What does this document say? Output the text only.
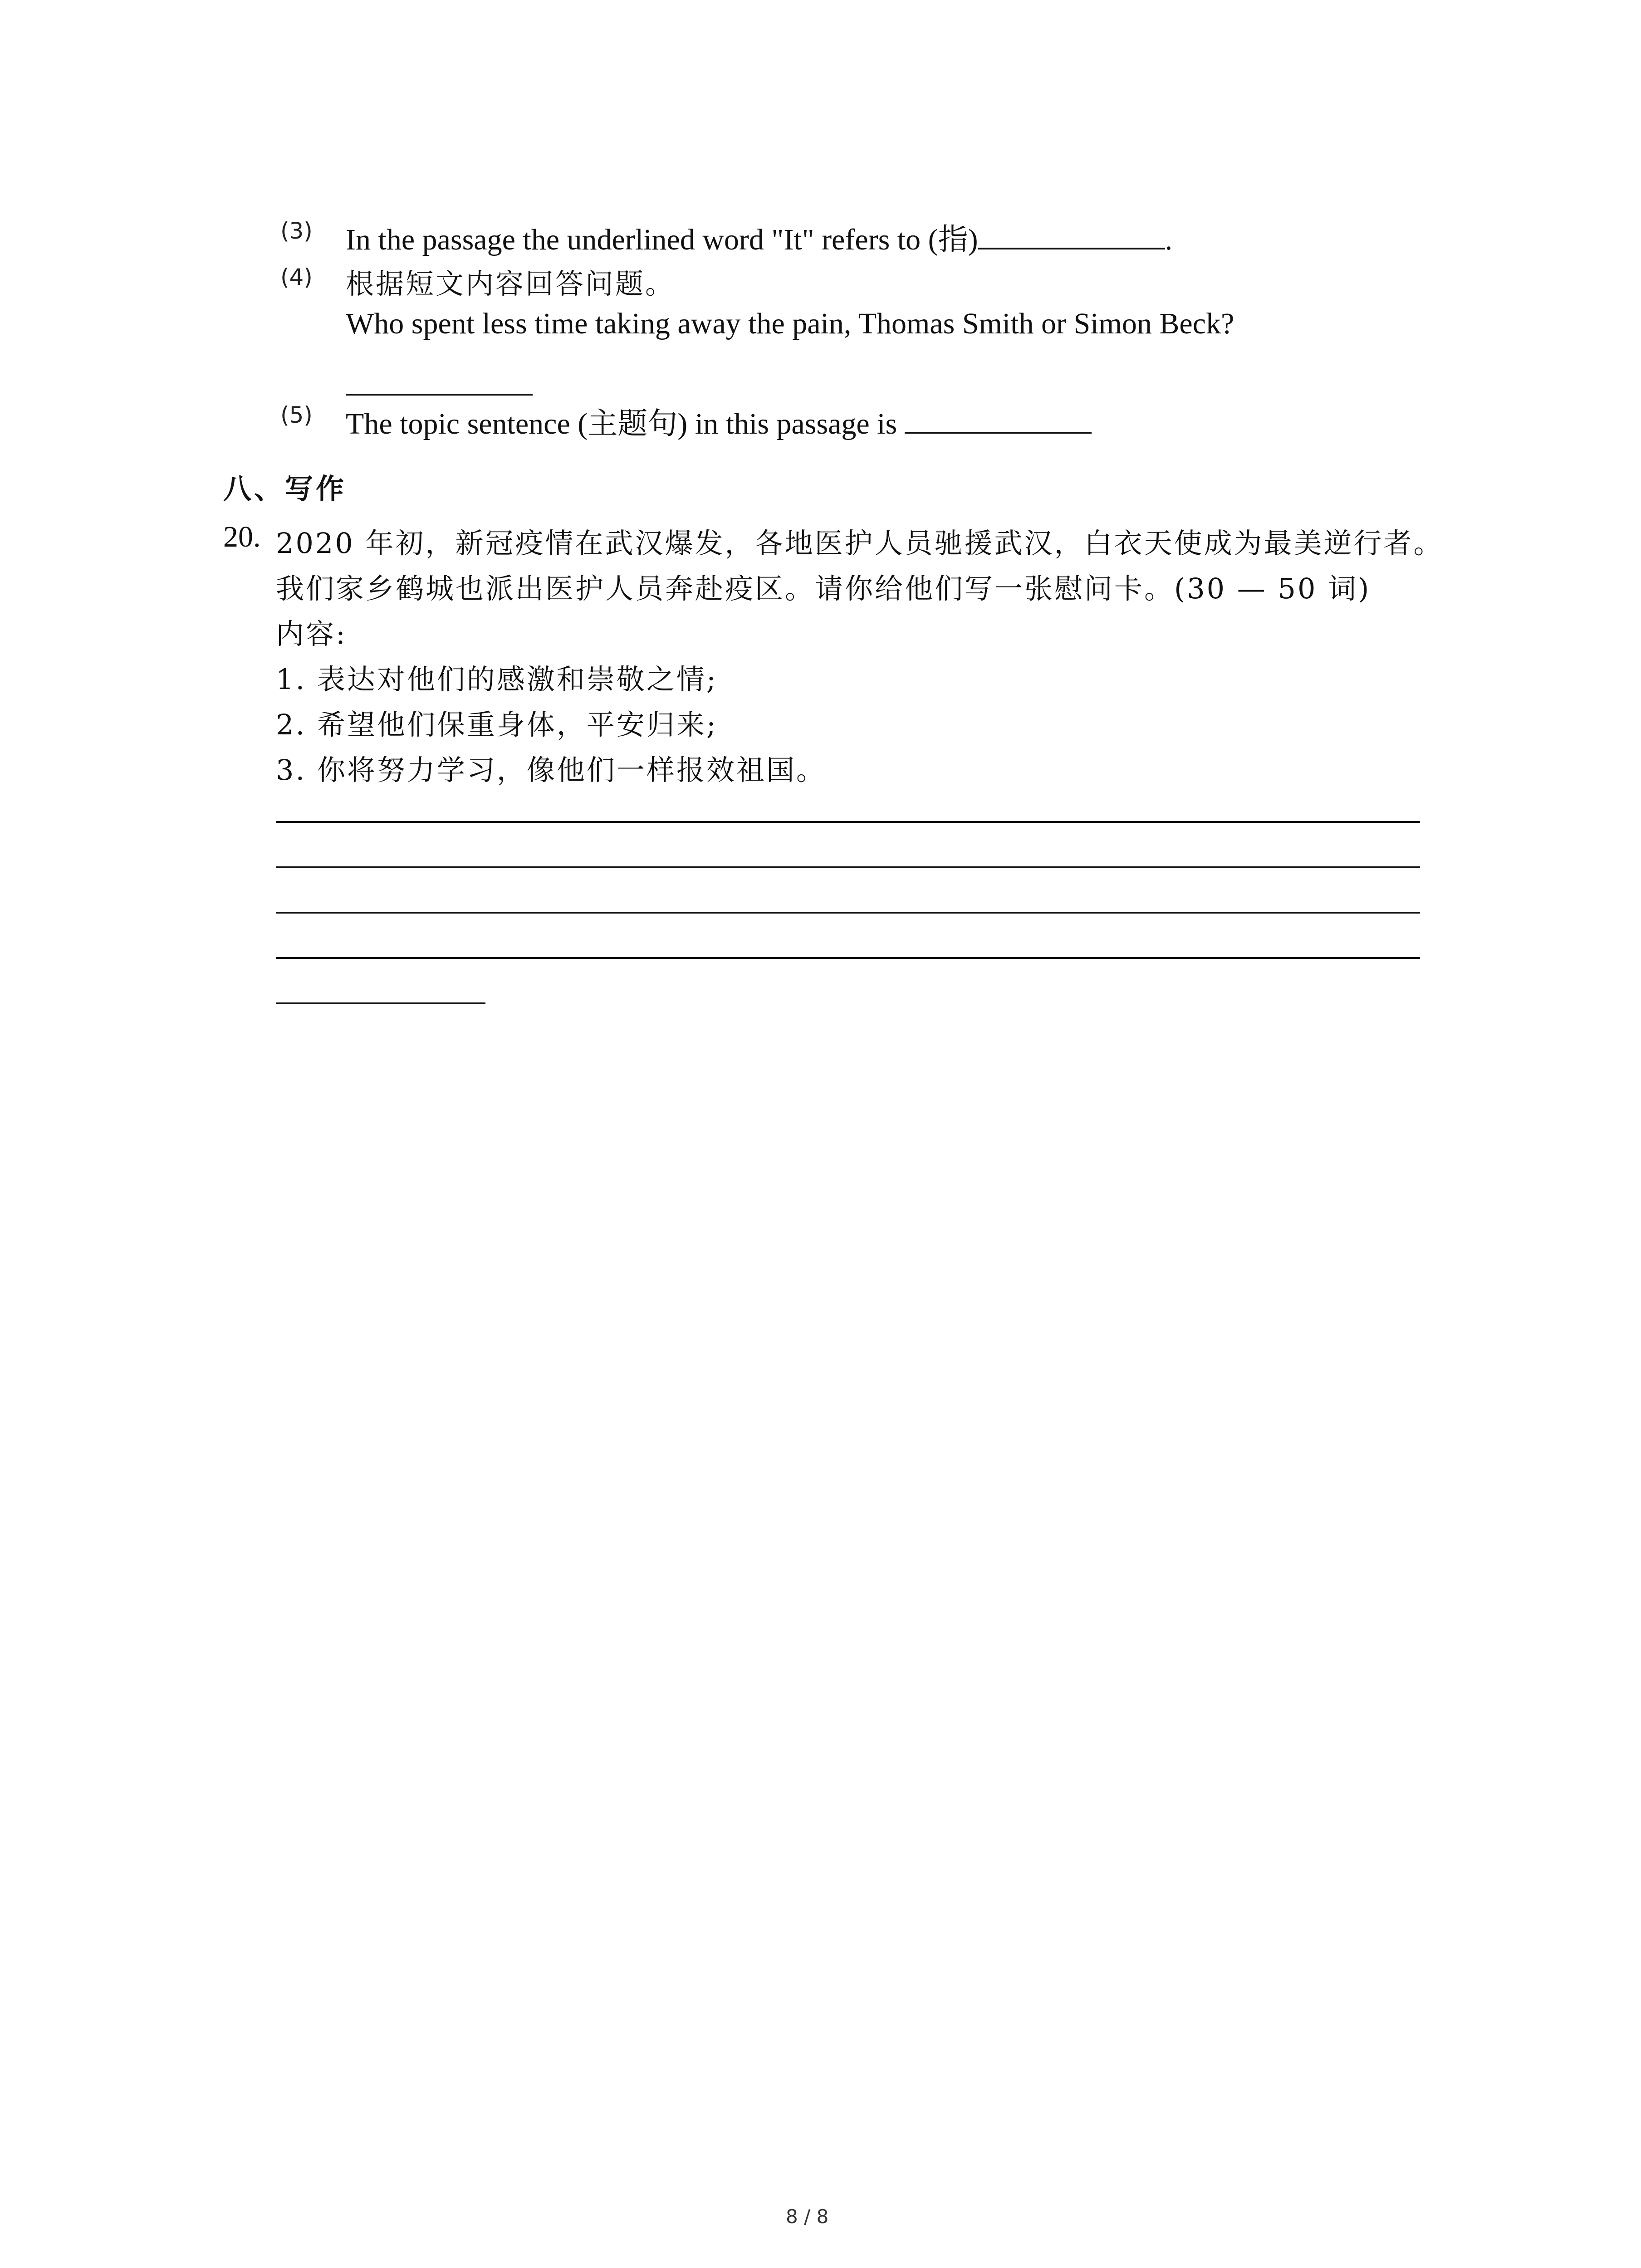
(3) In the passage the underlined word "It" refers to (指)	.
(4) 根据短文内容回答问题。
Who spent less time taking away the pain, Thomas Smith or Simon Beck?
(5) The topic sentence (主题句) in this passage is
八、写作
20. 2020 年初，新冠疫情在武汉爆发，各地医护人员驰援武汉，白衣天使成为最美逆行者。
我们家乡鹤城也派出医护人员奔赴疫区。请你给他们写一张慰问卡。(30 — 50 词)
内容:
1. 表达对他们的感激和崇敬之情;
2. 希望他们保重身体，平安归来;
3. 你将努力学习，像他们一样报效祖国。
8 / 8
